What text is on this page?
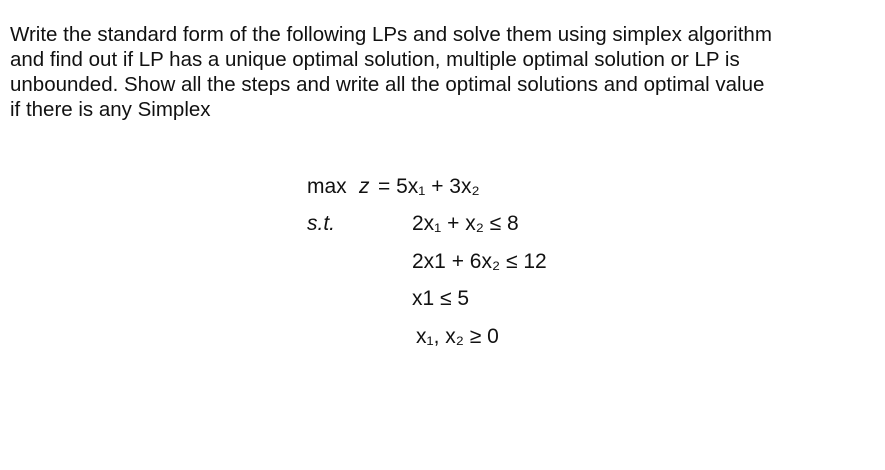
Write the standard form of the following LPs and solve them using simplex algorithm
and find out if LP has a unique optimal solution, multiple optimal solution or LP is
unbounded. Show all the steps and write all the optimal solutions and optimal value
if there is any Simplex
max z = 5x₁ + 3x₂
s.t.	2x₁ + x₂ ≤ 8
2x1 + 6x₂ ≤ 12
x1 ≤ 5
x₁, x₂ ≥ 0
